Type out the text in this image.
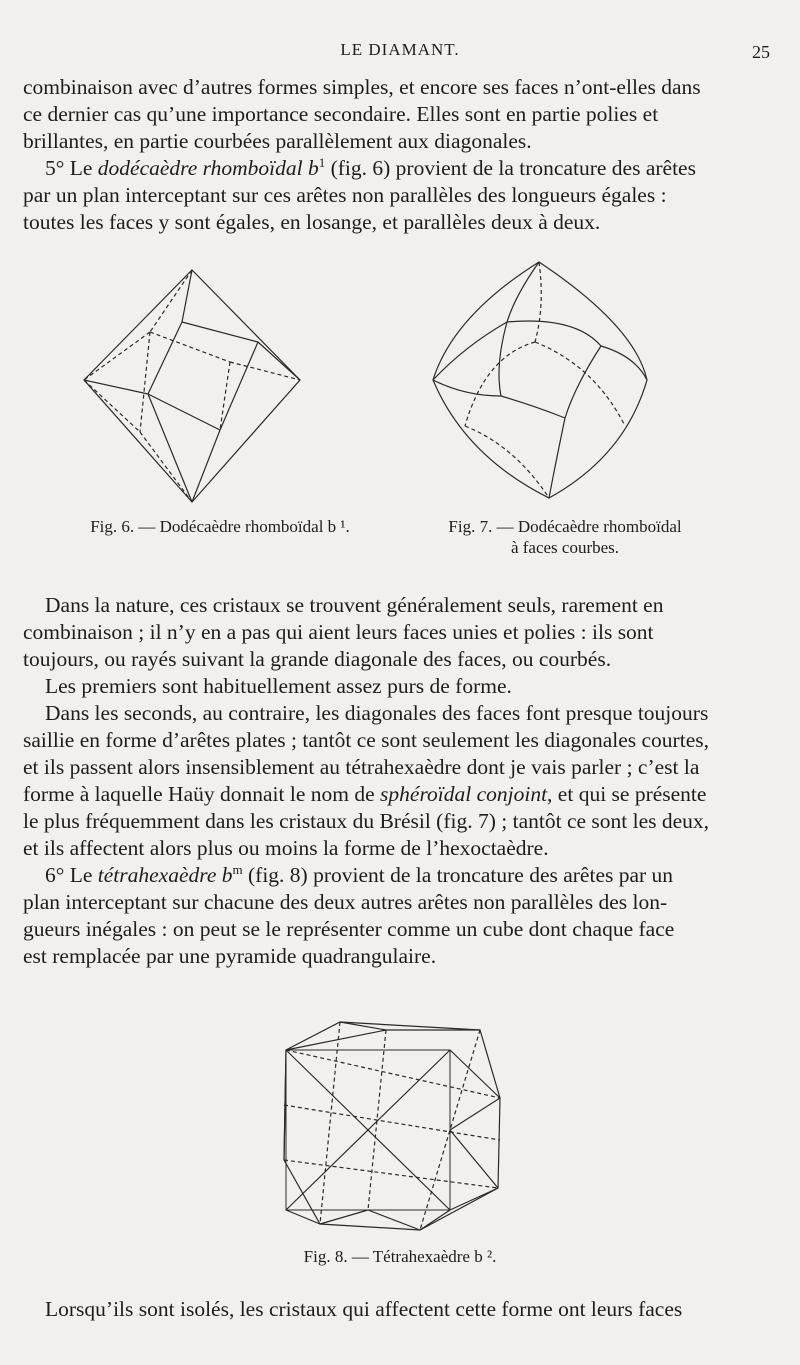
LE DIAMANT.	25
combinaison avec d’autres formes simples, et encore ses faces n’ont-elles dans
ce dernier cas qu’une importance secondaire. Elles sont en partie polies et
brillantes, en partie courbées parallèlement aux diagonales.
5° Le dodécaèdre rhomboïdal $b^1$ (fig. 6) provient de la troncature des arêtes
par un plan interceptant sur ces arêtes non parallèles des longueurs égales :
toutes les faces y sont égales, en losange, et parallèles deux à deux.
Fig. 6. — Dodécaèdre rhomboïdal b ¹.	Fig. 7. — Dodécaèdre rhomboïdal
à faces courbes.
Dans la nature, ces cristaux se trouvent généralement seuls, rarement en
combinaison ; il n’y en a pas qui aient leurs faces unies et polies : ils sont
toujours, ou rayés suivant la grande diagonale des faces, ou courbés.
Les premiers sont habituellement assez purs de forme.
Dans les seconds, au contraire, les diagonales des faces font presque toujours
saillie en forme d’arêtes plates ; tantôt ce sont seulement les diagonales courtes,
et ils passent alors insensiblement au tétrahexaèdre dont je vais parler ; c’est la
forme à laquelle Haüy donnait le nom de sphéroïdal conjoint, et qui se présente
le plus fréquemment dans les cristaux du Brésil (fig. 7) ; tantôt ce sont les deux,
et ils affectent alors plus ou moins la forme de l’hexoctaèdre.
6° Le tétrahexaèdre $b^m$ (fig. 8) provient de la troncature des arêtes par un
plan interceptant sur chacune des deux autres arêtes non parallèles des lon-
gueurs inégales : on peut se le représenter comme un cube dont chaque face
est remplacée par une pyramide quadrangulaire.
Fig. 8. — Tétrahexaèdre b ².
Lorsqu’ils sont isolés, les cristaux qui affectent cette forme ont leurs faces
